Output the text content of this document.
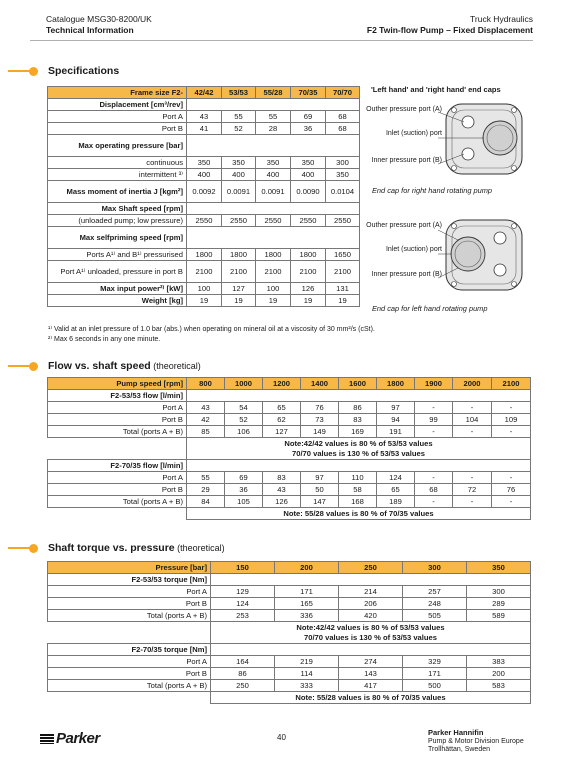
Catalogue MSG30-8200/UK
Technical Information
Truck Hydraulics
F2 Twin-flow Pump – Fixed Displacement
Specifications
Frame size F2-	42/42	53/53	55/28	70/35	70/70
Displacement [cm³/rev]					
Port A	43	55	55	69	68
Port B	41	52	28	36	68
Max operating pressure [bar]					
continuous	350	350	350	350	300
intermittent ³⁾	400	400	400	400	350
Mass moment of inertia J [kgm²]	0.0092	0.0091	0.0091	0.0090	0.0104
Max Shaft speed [rpm]					
(unloaded pump; low pressure)	2550	2550	2550	2550	2550
Max selfpriming speed [rpm]					
Ports A¹⁾ and B¹⁾ pressurised	1800	1800	1800	1800	1650
Port A¹⁾ unloaded, pressure in port B	2100	2100	2100	2100	2100
Max input power²⁾ [kW]	100	127	100	126	131
Weight [kg]	19	19	19	19	19
¹⁾ Valid at an inlet pressure of 1.0 bar (abs.) when operating on mineral oil at a viscosity of 30 mm²/s (cSt).
²⁾ Max 6 seconds in any one minute.
'Left hand' and 'right hand' end caps
Outher pressure port (A)
Inlet (suction) port
Inner pressure port (B)
End cap for right hand rotating pump
Outher pressure port (A)
Inlet (suction) port
Inner pressure port (B)
End cap for left hand rotating pump
Flow vs. shaft speed (theoretical)
Pump speed [rpm]	800	1000	1200	1400	1600	1800	1900	2000	2100
F2-53/53 flow [l/min]									
Port A	43	54	65	76	86	97	-	-	-
Port B	42	52	62	73	83	94	99	104	109
Total (ports A + B)	85	106	127	149	169	191	-	-	-

	Note:42/42 values is 80 % of 53/53 values
70/70 values is 130 % of 53/53 values								

F2-70/35 flow [l/min]									
Port A	55	69	83	97	110	124	-	-	-
Port B	29	36	43	50	58	65	68	72	76
Total (ports A + B)	84	105	126	147	168	189	-	-	-

	Note: 55/28 values is 80 % of 70/35 values								
Shaft torque vs. pressure (theoretical)
Pressure [bar]	150	200	250	300	350
F2-53/53 torque [Nm]					
Port A	129	171	214	257	300
Port B	124	165	206	248	289
Total (ports A + B)	253	336	420	505	589

	Note:42/42 values is 80 % of 53/53 values
70/70 values is 130 % of 53/53 values				

F2-70/35 torque [Nm]					
Port A	164	219	274	329	383
Port B	86	114	143	171	200
Total (ports A + B)	250	333	417	500	583

	Note: 55/28 values is 80 % of 70/35 values				
Parker	40
Parker Hannifin
Pump & Motor Division Europe
Trollhättan, Sweden
